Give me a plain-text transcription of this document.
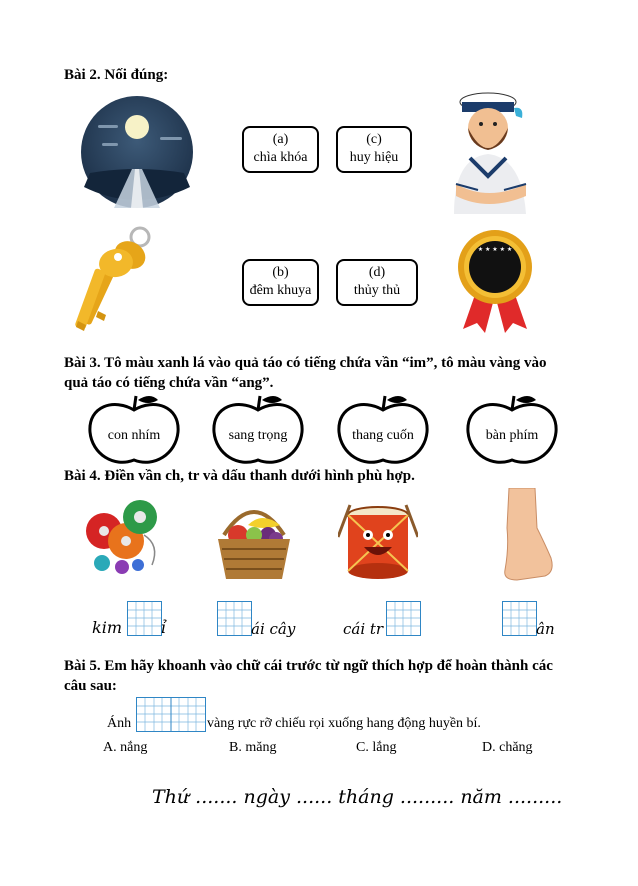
Bài 2. Nối đúng:
(a)
chìa khóa
(c)
huy hiệu
(b)
đêm khuya
(d)
thủy thủ
★ ★ ★ ★ ★
Bài 3. Tô màu xanh lá vào quả táo có tiếng chứa vần “im”, tô màu vàng vào
quả táo có tiếng chứa vần “ang”.
con nhím	sang trọng	thang cuốn	bàn phím
Bài 4. Điền vần ch, tr và dấu thanh dưới hình phù hợp.
kim ỉ	ái cây	cái tr	ân
Bài 5. Em hãy khoanh vào chữ cái trước từ ngữ thích hợp để hoàn thành các
câu sau:
Ánh	vàng rực rỡ chiếu rọi xuống hang động huyền bí.
A. nắng	B. măng	C. lắng	D. chăng
Thứ ....... ngày ...... tháng ......... năm .........
